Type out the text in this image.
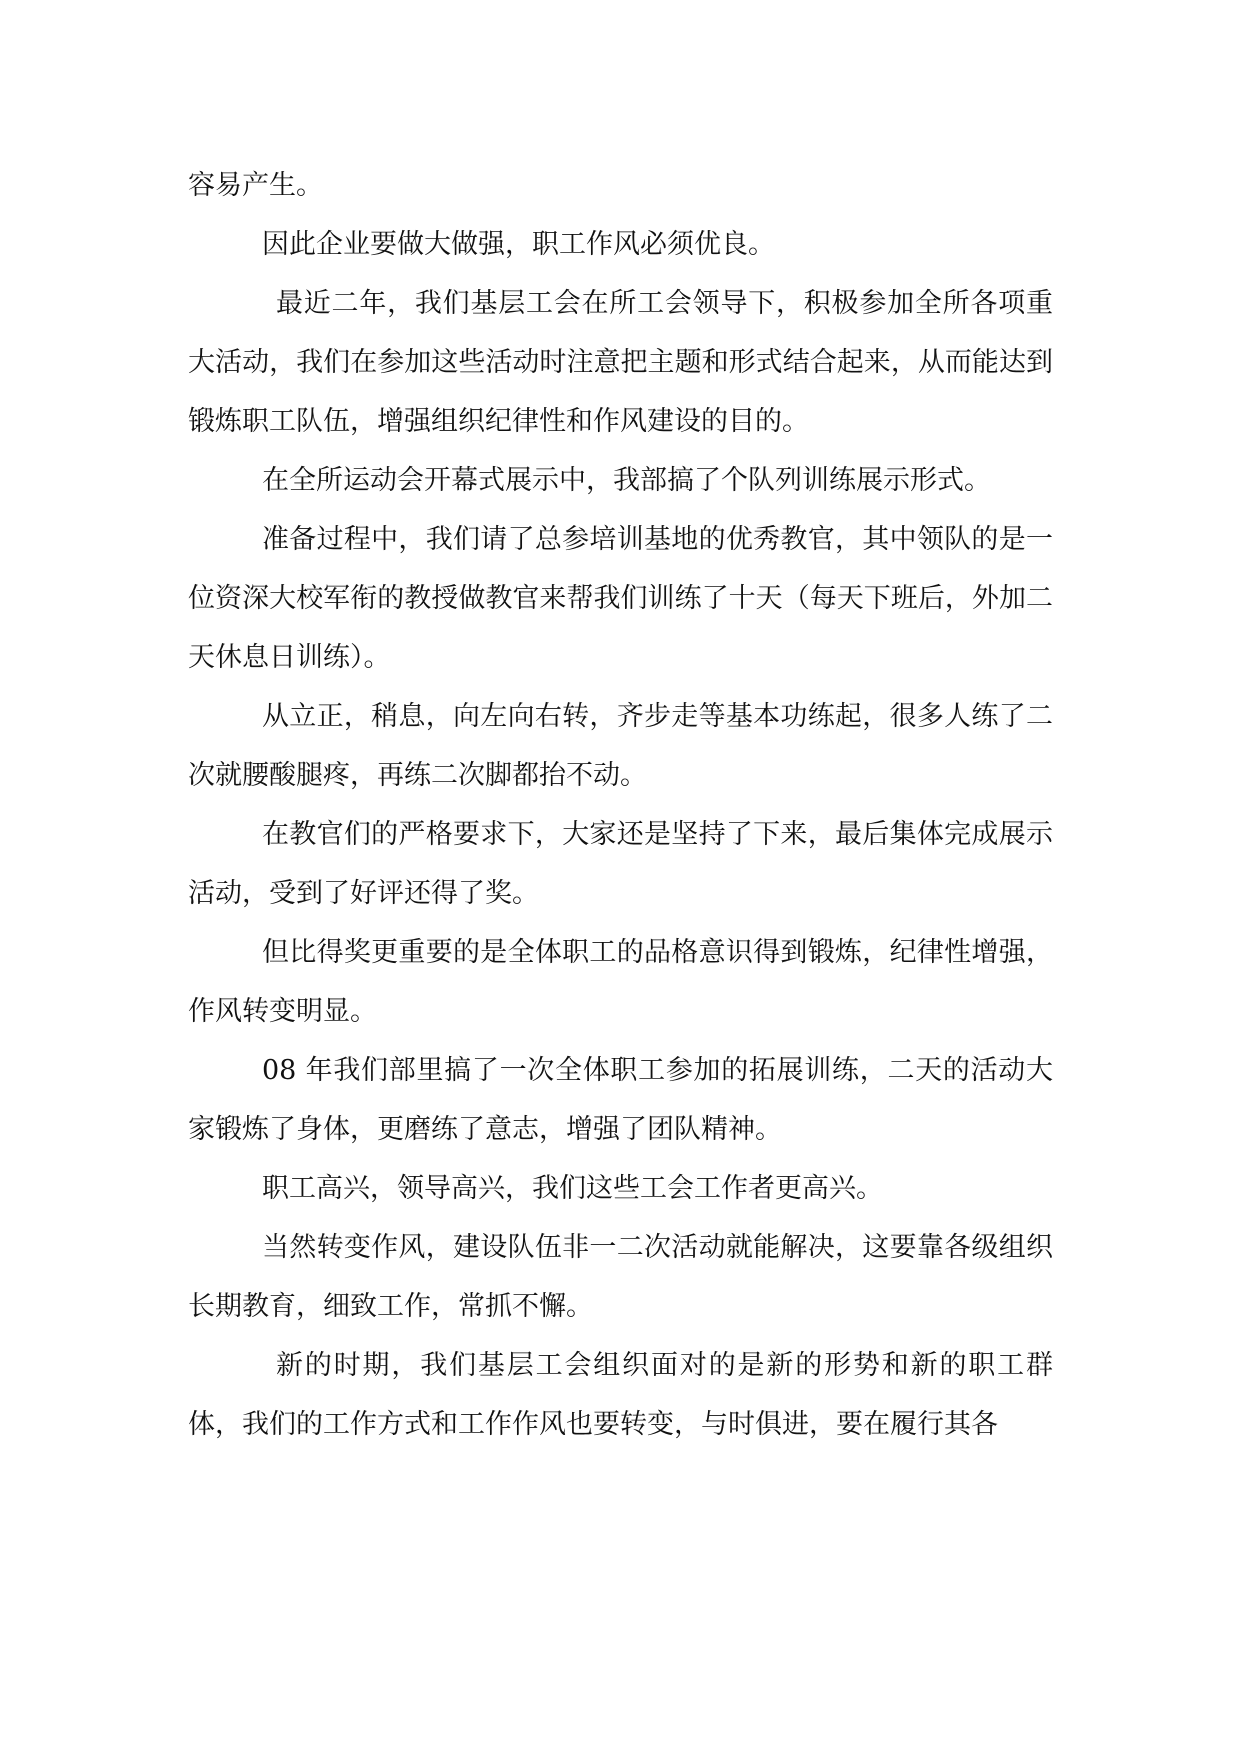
容易产生。

因此企业要做大做强，职工作风必须优良。

最近二年，我们基层工会在所工会领导下，积极参加全所各项重大活动，我们在参加这些活动时注意把主题和形式结合起来，从而能达到锻炼职工队伍，增强组织纪律性和作风建设的目的。

在全所运动会开幕式展示中，我部搞了个队列训练展示形式。

准备过程中，我们请了总参培训基地的优秀教官，其中领队的是一位资深大校军衔的教授做教官来帮我们训练了十天（每天下班后，外加二天休息日训练）。

从立正，稍息，向左向右转，齐步走等基本功练起，很多人练了二次就腰酸腿疼，再练二次脚都抬不动。

在教官们的严格要求下，大家还是坚持了下来，最后集体完成展示活动，受到了好评还得了奖。

但比得奖更重要的是全体职工的品格意识得到锻炼，纪律性增强，作风转变明显。

08 年我们部里搞了一次全体职工参加的拓展训练，二天的活动大家锻炼了身体，更磨练了意志，增强了团队精神。

职工高兴，领导高兴，我们这些工会工作者更高兴。

当然转变作风，建设队伍非一二次活动就能解决，这要靠各级组织长期教育，细致工作，常抓不懈。

新的时期，我们基层工会组织面对的是新的形势和新的职工群体，我们的工作方式和工作作风也要转变，与时俱进，要在履行其各
